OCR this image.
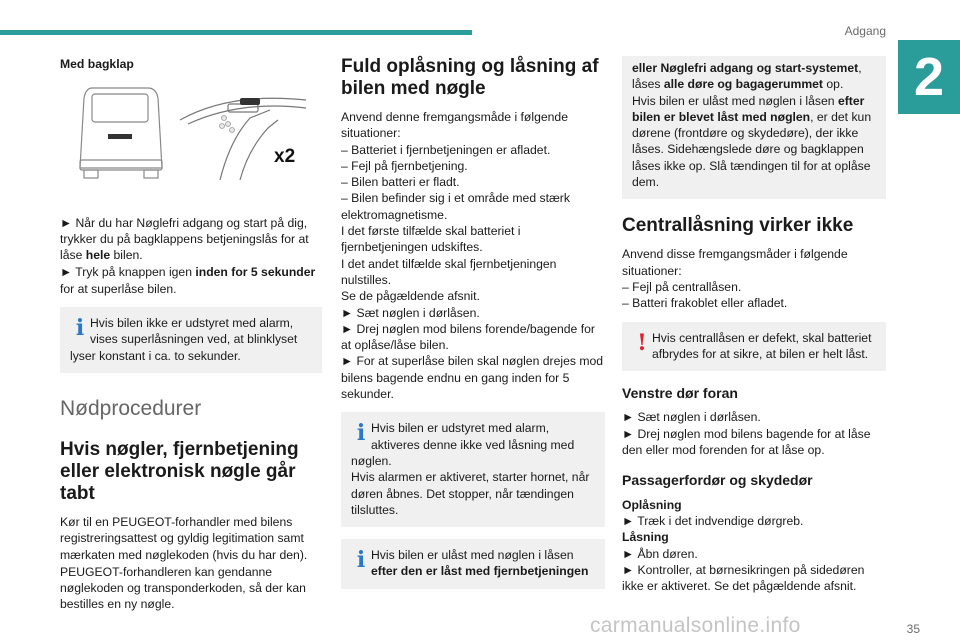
Adgang
2

Med bagklap

x2

► Når du har Nøglefri adgang og start på dig, trykker du på bagklappens betjeningslås for at låse hele bilen.

► Tryk på knappen igen inden for 5 sekunder for at superlåse bilen.

i Hvis bilen ikke er udstyret med alarm, vises superlåsningen ved, at blinklyset

lyser konstant i ca. to sekunder.

Nødprocedurer
Hvis nøgler, fjernbetjening eller elektronisk nøgle går tabt

Kør til en PEUGEOT-forhandler med bilens registreringsattest og gyldig legitimation samt mærkaten med nøglekoden (hvis du har den).

PEUGEOT-forhandleren kan gendanne nøglekoden og transponderkoden, så der kan bestilles en ny nøgle.

Fuld oplåsning og låsning af bilen med nøgle

Anvend denne fremgangsmåde i følgende situationer:

– Batteriet i fjernbetjeningen er afladet.

– Fejl på fjernbetjening.

– Bilen batteri er fladt.

– Bilen befinder sig i et område med stærk elektromagnetisme.

I det første tilfælde skal batteriet i fjernbetjeningen udskiftes.

I det andet tilfælde skal fjernbetjeningen nulstilles.

Se de pågældende afsnit.

► Sæt nøglen i dørlåsen.

► Drej nøglen mod bilens forende/bagende for at oplåse/låse bilen.

► For at superlåse bilen skal nøglen drejes mod bilens bagende endnu en gang inden for 5 sekunder.

i Hvis bilen er udstyret med alarm, aktiveres denne ikke ved låsning med

nøglen.

Hvis alarmen er aktiveret, starter hornet, når døren åbnes. Det stopper, når tændingen tilsluttes.

i Hvis bilen er ulåst med nøglen i låsen

efter den er låst med fjernbetjeningen

eller Nøglefri adgang og start-systemet, låses alle døre og bagagerummet op.

Hvis bilen er ulåst med nøglen i låsen efter bilen er blevet låst med nøglen, er det kun dørene (frontdøre og skydedøre), der ikke låses. Sidehængslede døre og bagklappen låses ikke op. Slå tændingen til for at oplåse dem.

Centrallåsning virker ikke

Anvend disse fremgangsmåder i følgende situationer:

– Fejl på centrallåsen.

– Batteri frakoblet eller afladet.

! Hvis centrallåsen er defekt, skal batteriet

afbrydes for at sikre, at bilen er helt låst.

Venstre dør foran

► Sæt nøglen i dørlåsen.

► Drej nøglen mod bilens bagende for at låse den eller mod forenden for at låse op.

Passagerfordør og skydedør

Oplåsning

► Træk i det indvendige dørgreb.

Låsning

► Åbn døren.

► Kontroller, at børnesikringen på sidedøren ikke er aktiveret. Se det pågældende afsnit.

carmanualsonline.info	35
